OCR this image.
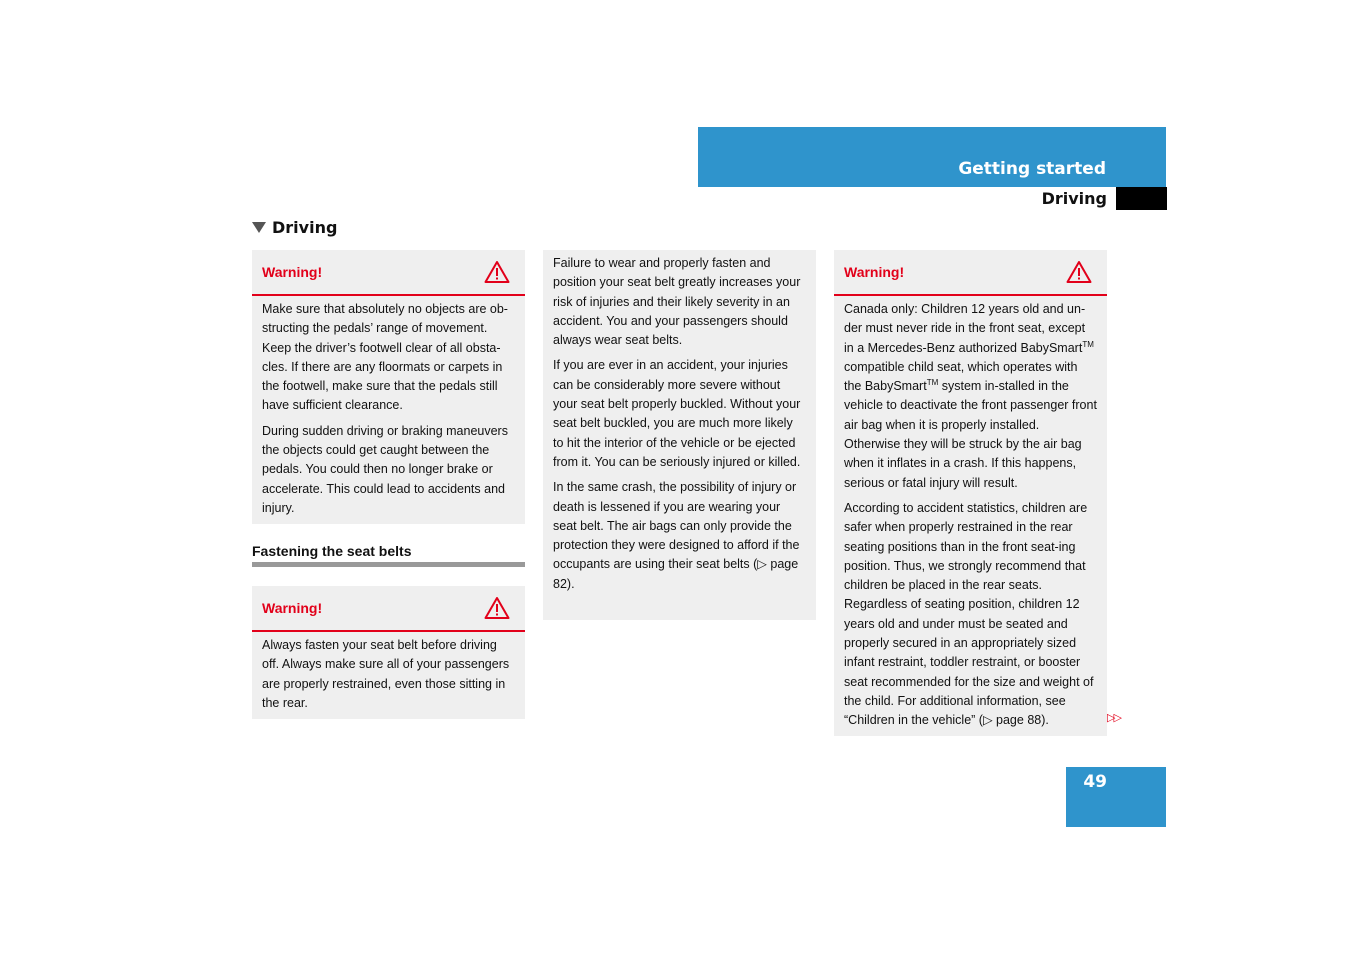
Getting started
Driving
Driving
Warning!

Make sure that absolutely no objects are ob-structing the pedals’ range of movement. Keep the driver’s footwell clear of all obsta-cles. If there are any floormats or carpets in the footwell, make sure that the pedals still have sufficient clearance.

During sudden driving or braking maneuvers the objects could get caught between the pedals. You could then no longer brake or accelerate. This could lead to accidents and injury.

Fastening the seat belts
Warning!

Always fasten your seat belt before driving off. Always make sure all of your passengers are properly restrained, even those sitting in the rear.

Failure to wear and properly fasten and position your seat belt greatly increases your risk of injuries and their likely severity in an accident. You and your passengers should always wear seat belts.

If you are ever in an accident, your injuries can be considerably more severe without your seat belt properly buckled. Without your seat belt buckled, you are much more likely to hit the interior of the vehicle or be ejected from it. You can be seriously injured or killed.

In the same crash, the possibility of injury or death is lessened if you are wearing your seat belt. The air bags can only provide the protection they were designed to afford if the occupants are using their seat belts (▷ page 82).

Warning!

Canada only: Children 12 years old and un-der must never ride in the front seat, except in a Mercedes-Benz authorized BabySmart™ compatible child seat, which operates with the BabySmart™ system in-stalled in the vehicle to deactivate the front passenger front air bag when it is properly installed. Otherwise they will be struck by the air bag when it inflates in a crash. If this happens, serious or fatal injury will result.

According to accident statistics, children are safer when properly restrained in the rear seating positions than in the front seat-ing position. Thus, we strongly recommend that children be placed in the rear seats. Regardless of seating position, children 12 years old and under must be seated and properly secured in an appropriately sized infant restraint, toddler restraint, or booster seat recommended for the size and weight of the child. For additional information, see “Children in the vehicle” (▷ page 88).	▷▷
49
